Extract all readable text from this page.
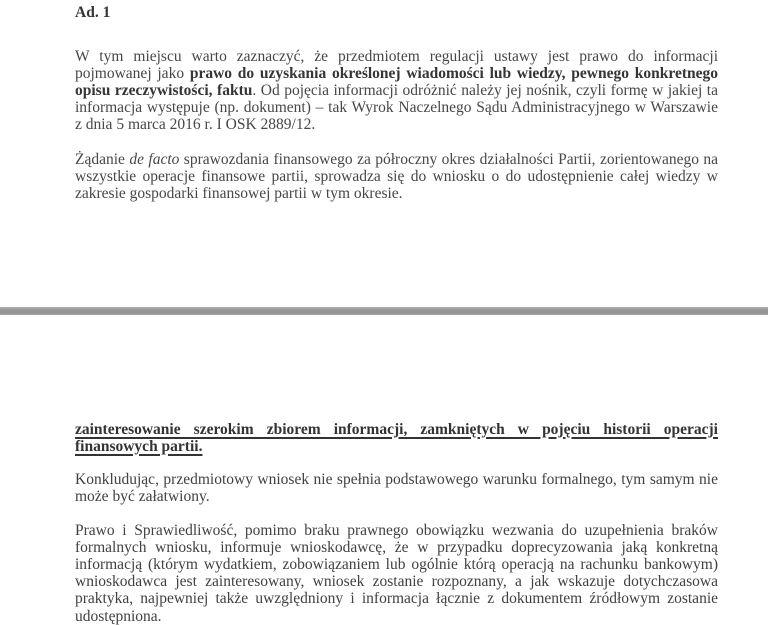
Ad. 1

W tym miejscu warto zaznaczyć, że przedmiotem regulacji ustawy jest prawo do informacji pojmowanej jako prawo do uzyskania określonej wiadomości lub wiedzy, pewnego konkretnego opisu rzeczywistości, faktu. Od pojęcia informacji odróżnić należy jej nośnik, czyli formę w jakiej ta informacja występuje (np. dokument) – tak Wyrok Naczelnego Sądu Administracyjnego w Warszawie z dnia 5 marca 2016 r. I OSK 2889/12.

Żądanie de facto sprawozdania finansowego za półroczny okres działalności Partii, zorientowanego na wszystkie operacje finansowe partii, sprowadza się do wniosku o do udostępnienie całej wiedzy w zakresie gospodarki finansowej partii w tym okresie.

zainteresowanie szerokim zbiorem informacji, zamkniętych w pojęciu historii operacji finansowych partii.

Konkludując, przedmiotowy wniosek nie spełnia podstawowego warunku formalnego, tym samym nie może być załatwiony.

Prawo i Sprawiedliwość, pomimo braku prawnego obowiązku wezwania do uzupełnienia braków formalnych wniosku, informuje wnioskodawcę, że w przypadku doprecyzowania jaką konkretną informacją (którym wydatkiem, zobowiązaniem lub ogólnie którą operacją na rachunku bankowym) wnioskodawca jest zainteresowany, wniosek zostanie rozpoznany, a jak wskazuje dotychczasowa praktyka, najpewniej także uwzględniony i informacja łącznie z dokumentem źródłowym zostanie udostępniona.
